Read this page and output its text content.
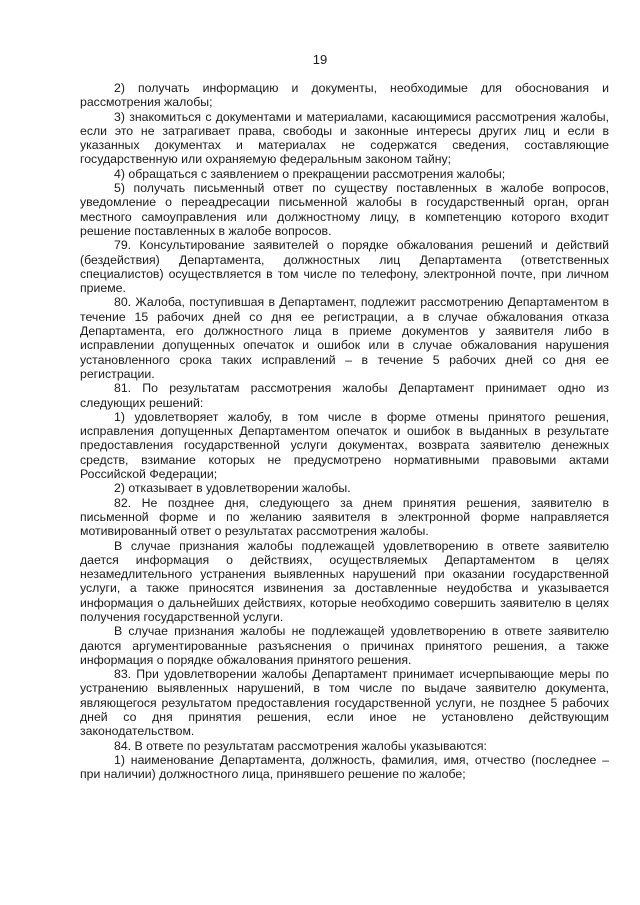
19

2) получать информацию и документы, необходимые для обоснования и рассмотрения жалобы;

3) знакомиться с документами и материалами, касающимися рассмотрения жалобы, если это не затрагивает права, свободы и законные интересы других лиц и если в указанных документах и материалах не содержатся сведения, составляющие государственную или охраняемую федеральным законом тайну;

4) обращаться с заявлением о прекращении рассмотрения жалобы;

5) получать письменный ответ по существу поставленных в жалобе вопросов, уведомление о переадресации письменной жалобы в государственный орган, орган местного самоуправления или должностному лицу, в компетенцию которого входит решение поставленных в жалобе вопросов.

79. Консультирование заявителей о порядке обжалования решений и действий (бездействия) Департамента, должностных лиц Департамента (ответственных специалистов) осуществляется в том числе по телефону, электронной почте, при личном приеме.

80. Жалоба, поступившая в Департамент, подлежит рассмотрению Департаментом в течение 15 рабочих дней со дня ее регистрации, а в случае обжалования отказа Департамента, его должностного лица в приеме документов у заявителя либо в исправлении допущенных опечаток и ошибок или в случае обжалования нарушения установленного срока таких исправлений – в течение 5 рабочих дней со дня ее регистрации.

81. По результатам рассмотрения жалобы Департамент принимает одно из следующих решений:

1) удовлетворяет жалобу, в том числе в форме отмены принятого решения, исправления допущенных Департаментом опечаток и ошибок в выданных в результате предоставления государственной услуги документах, возврата заявителю денежных средств, взимание которых не предусмотрено нормативными правовыми актами Российской Федерации;

2) отказывает в удовлетворении жалобы.

82. Не позднее дня, следующего за днем принятия решения, заявителю в письменной форме и по желанию заявителя в электронной форме направляется мотивированный ответ о результатах рассмотрения жалобы.

В случае признания жалобы подлежащей удовлетворению в ответе заявителю дается информация о действиях, осуществляемых Департаментом в целях незамедлительного устранения выявленных нарушений при оказании государственной услуги, а также приносятся извинения за доставленные неудобства и указывается информация о дальнейших действиях, которые необходимо совершить заявителю в целях получения государственной услуги.

В случае признания жалобы не подлежащей удовлетворению в ответе заявителю даются аргументированные разъяснения о причинах принятого решения, а также информация о порядке обжалования принятого решения.

83. При удовлетворении жалобы Департамент принимает исчерпывающие меры по устранению выявленных нарушений, в том числе по выдаче заявителю документа, являющегося результатом предоставления государственной услуги, не позднее 5 рабочих дней со дня принятия решения, если иное не установлено действующим законодательством.

84. В ответе по результатам рассмотрения жалобы указываются:

1) наименование Департамента, должность, фамилия, имя, отчество (последнее – при наличии) должностного лица, принявшего решение по жалобе;
